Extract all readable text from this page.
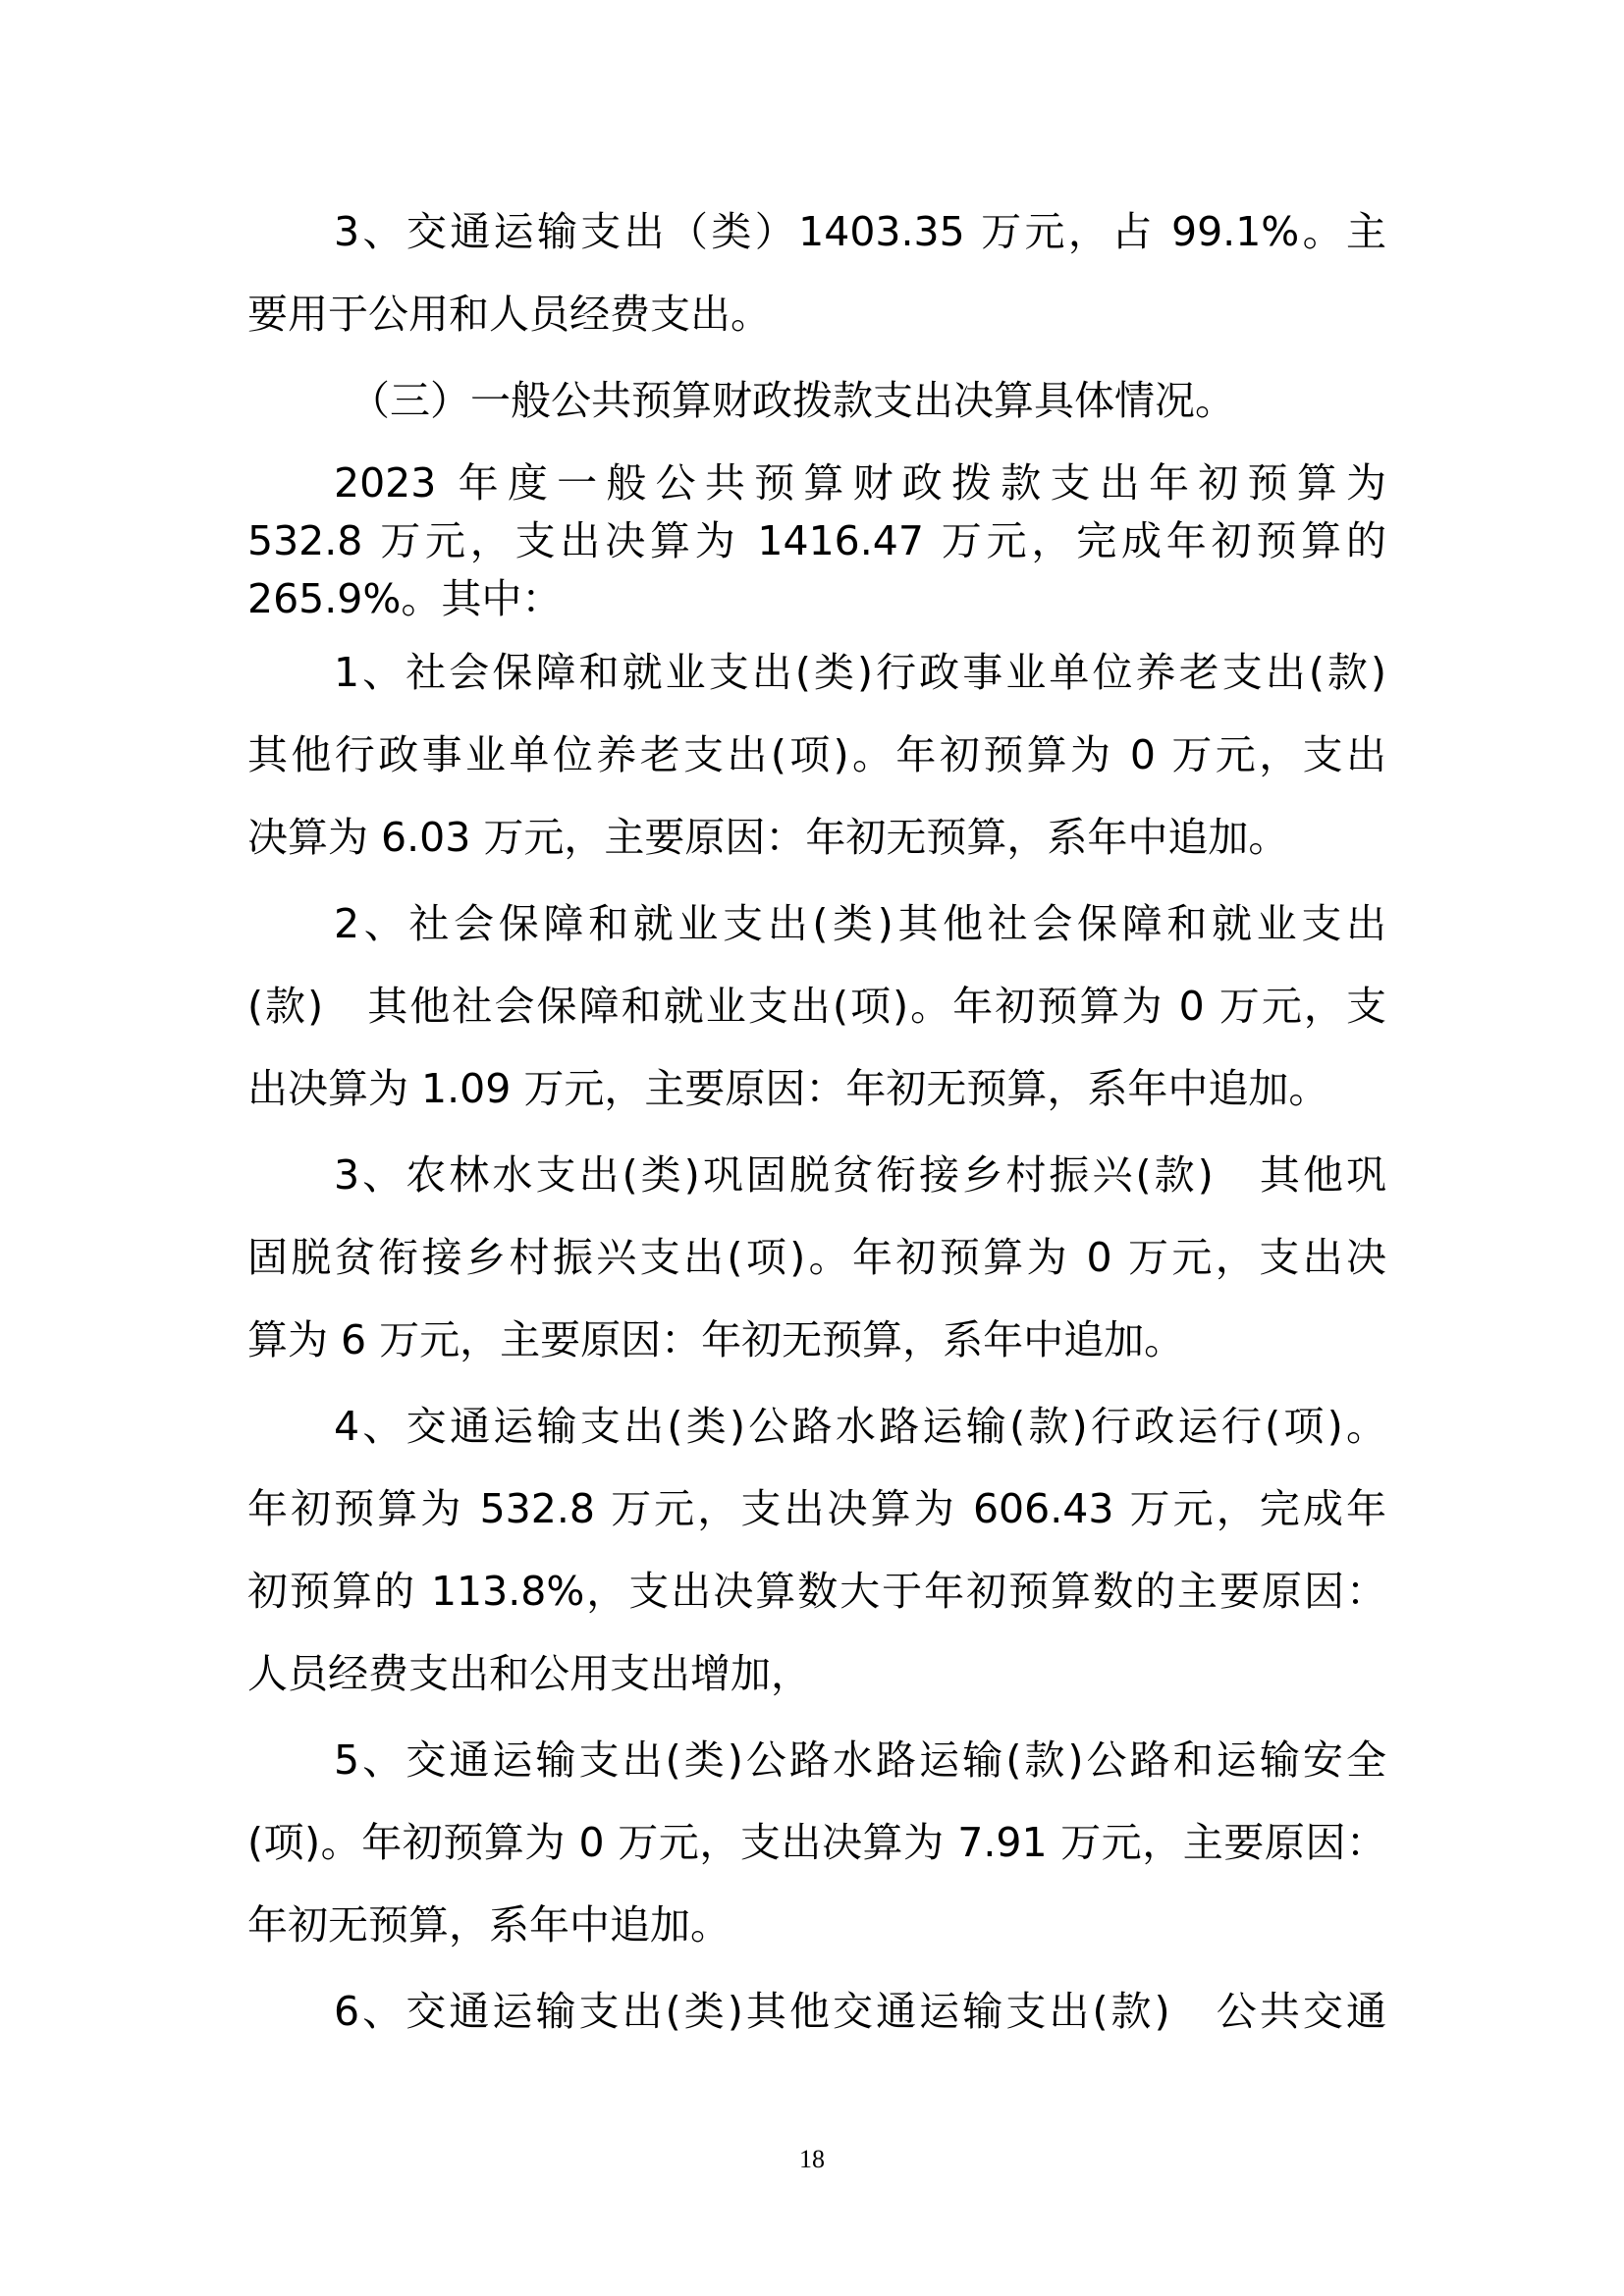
3、交通运输支出（类）1403.35 万元，占 99.1%。主
要用于公用和人员经费支出。
（三）一般公共预算财政拨款支出决算具体情况。
2023 年度一般公共预算财政拨款支出年初预算为
532.8 万元，支出决算为 1416.47 万元，完成年初预算的
265.9%。其中：
1、社会保障和就业支出(类)行政事业单位养老支出(款)
其他行政事业单位养老支出(项)。年初预算为 0 万元，支出
决算为 6.03 万元，主要原因：年初无预算，系年中追加。
2、社会保障和就业支出(类)其他社会保障和就业支出
(款)　其他社会保障和就业支出(项)。年初预算为 0 万元，支
出决算为 1.09 万元，主要原因：年初无预算，系年中追加。
3、农林水支出(类)巩固脱贫衔接乡村振兴(款)　其他巩
固脱贫衔接乡村振兴支出(项)。年初预算为 0 万元，支出决
算为 6 万元，主要原因：年初无预算，系年中追加。
4、交通运输支出(类)公路水路运输(款)行政运行(项)。
年初预算为 532.8 万元，支出决算为 606.43 万元，完成年
初预算的 113.8%，支出决算数大于年初预算数的主要原因：
人员经费支出和公用支出增加，
5、交通运输支出(类)公路水路运输(款)公路和运输安全
(项)。年初预算为 0 万元，支出决算为 7.91 万元，主要原因：
年初无预算，系年中追加。
6、交通运输支出(类)其他交通运输支出(款)　公共交通
18
